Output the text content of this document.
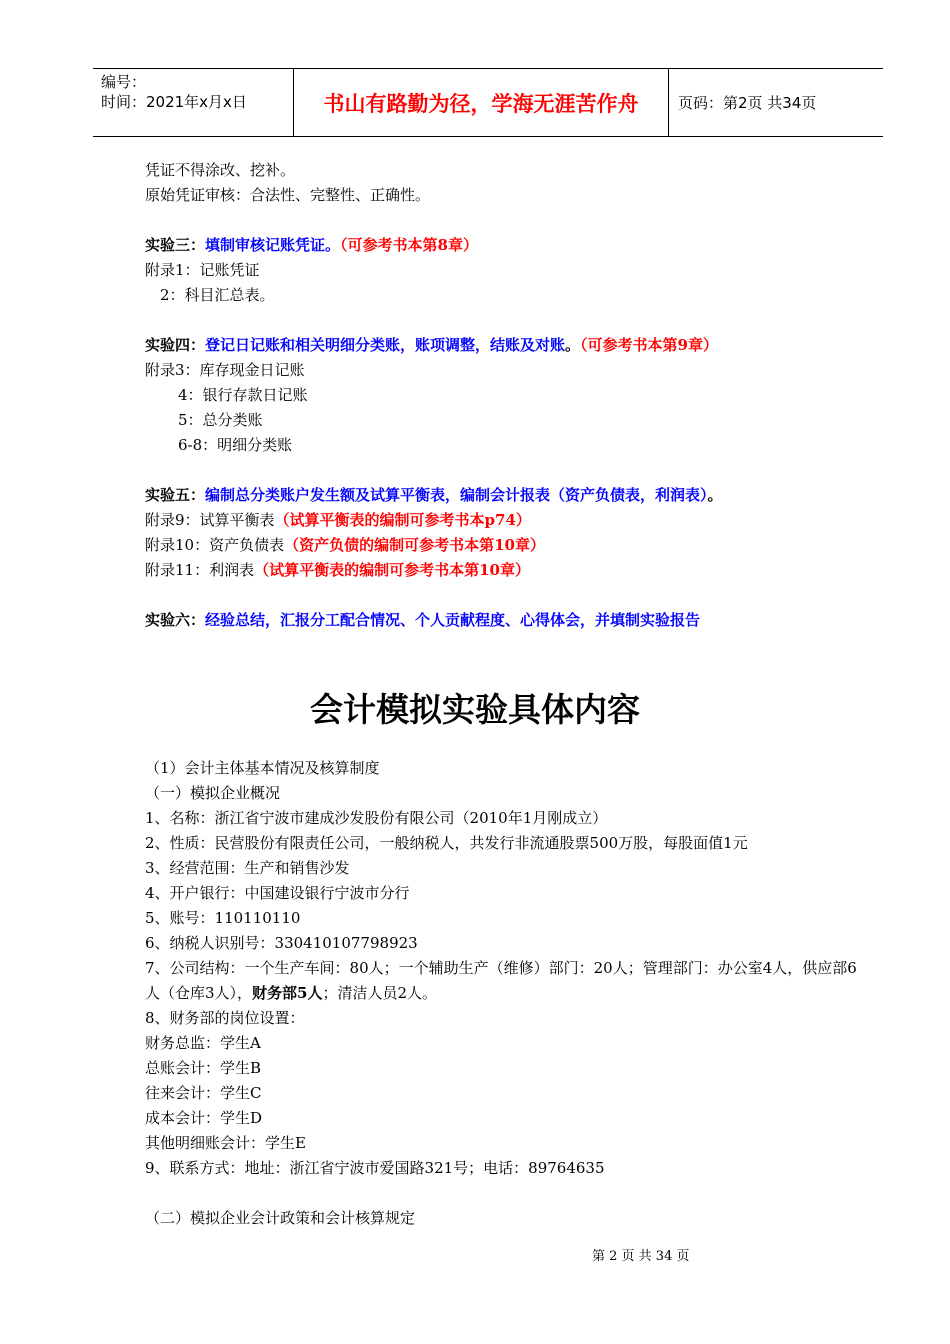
编号：
时间：2021年x月x日	书山有路勤为径，学海无涯苦作舟	页码：第2页 共34页
凭证不得涂改、挖补。
原始凭证审核：合法性、完整性、正确性。
实验三：填制审核记账凭证。（可参考书本第8章）
附录1：记账凭证
2：科目汇总表。
实验四：登记日记账和相关明细分类账，账项调整，结账及对账。（可参考书本第9章）
附录3：库存现金日记账
4：银行存款日记账
5：总分类账
6-8：明细分类账
实验五：编制总分类账户发生额及试算平衡表，编制会计报表（资产负债表，利润表）。
附录9：试算平衡表（试算平衡表的编制可参考书本p74）
附录10：资产负债表（资产负债的编制可参考书本第10章）
附录11：利润表（试算平衡表的编制可参考书本第10章）
实验六：经验总结，汇报分工配合情况、个人贡献程度、心得体会，并填制实验报告
会计模拟实验具体内容
（1）会计主体基本情况及核算制度
（一）模拟企业概况
1、名称：浙江省宁波市建成沙发股份有限公司（2010年1月刚成立）
2、性质：民营股份有限责任公司，一般纳税人，共发行非流通股票500万股，每股面值1元
3、经营范围：生产和销售沙发
4、开户银行：中国建设银行宁波市分行
5、账号：110110110
6、纳税人识别号：330410107798923
7、公司结构：一个生产车间：80人；一个辅助生产（维修）部门：20人；管理部门：办公室4人，供应部6人（仓库3人），财务部5人；清洁人员2人。
8、财务部的岗位设置：
财务总监：学生A
总账会计：学生B
往来会计：学生C
成本会计：学生D
其他明细账会计：学生E
9、联系方式：地址：浙江省宁波市爱国路321号；电话：89764635
（二）模拟企业会计政策和会计核算规定
第 2 页 共 34 页
